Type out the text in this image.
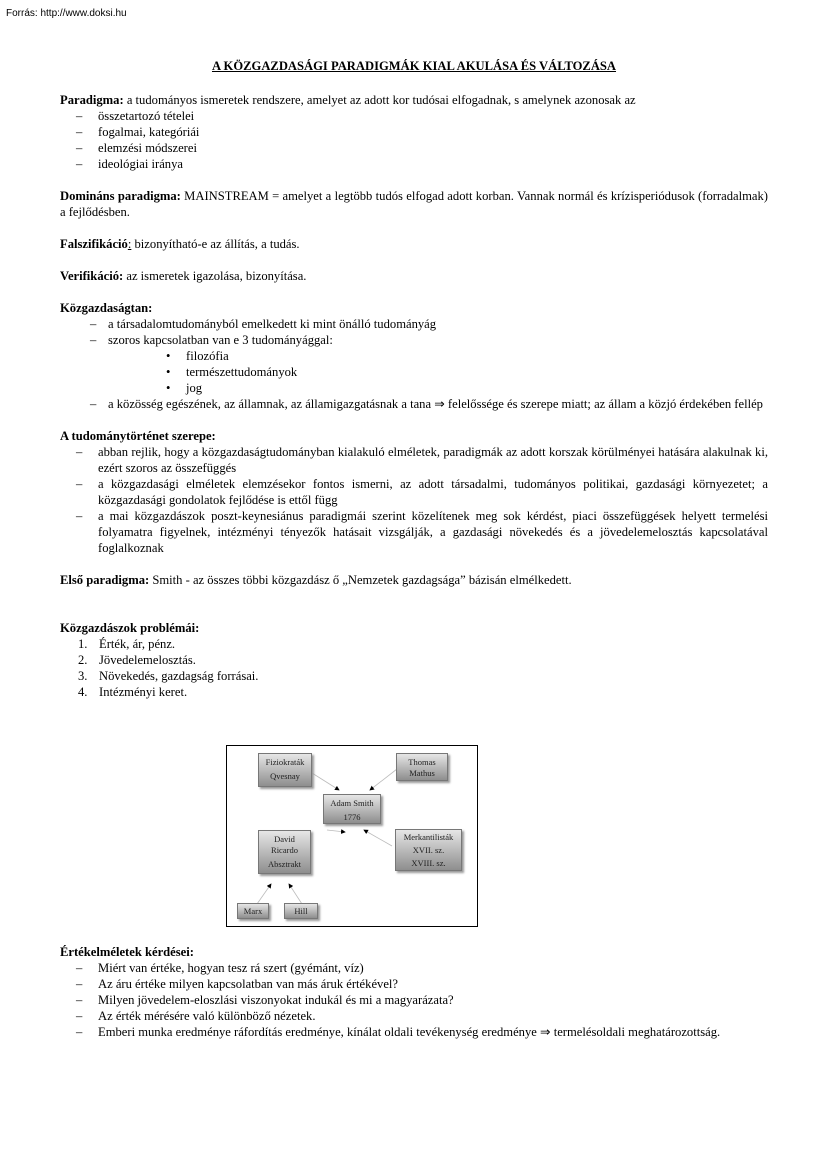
Forrás: http://www.doksi.hu
A KÖZGAZDASÁGI PARADIGMÁK KIAL AKULÁSA ÉS VÁLTOZÁSA

Paradigma: a tudományos ismeretek rendszere, amelyet az adott kor tudósai elfogadnak, s amelynek azonosak az

– összetartozó tételei
– fogalmai, kategóriái
– elemzési módszerei
– ideológiai iránya

Domináns paradigma: MAINSTREAM = amelyet a legtöbb tudós elfogad adott korban. Vannak normál és krízisperiódusok (forradalmak) a fejlődésben.

Falszifikáció: bizonyítható-e az állítás, a tudás.

Verifikáció: az ismeretek igazolása, bizonyítása.

Közgazdaságtan:

– a társadalomtudományból emelkedett ki mint önálló tudományág
– szoros kapcsolatban van e 3 tudományággal:
• filozófia
• természettudományok
• jog
– a közösség egészének, az államnak, az államigazgatásnak a tana ⇒ felelőssége és szerepe miatt; az állam a közjó érdekében fellép

A tudománytörténet szerepe:

– abban rejlik, hogy a közgazdaságtudományban kialakuló elméletek, paradigmák az adott korszak körülményei hatására alakulnak ki, ezért szoros az összefüggés
– a közgazdasági elméletek elemzésekor fontos ismerni, az adott társadalmi, tudományos politikai, gazdasági környezetet; a közgazdasági gondolatok fejlődése is ettől függ
– a mai közgazdászok poszt-keynesiánus paradigmái szerint közelítenek meg sok kérdést, piaci összefüggések helyett termelési folyamatra figyelnek, intézményi tényezők hatásait vizsgálják, a gazdasági növekedés és a jövedelemelosztás kapcsolatával foglalkoznak

Első paradigma: Smith - az összes többi közgazdász ő „Nemzetek gazdagsága” bázisán elmélkedett.

Közgazdászok problémái:

1. Érték, ár, pénz.
2. Jövedelemelosztás.
3. Növekedés, gazdagság forrásai.
4. Intézményi keret.
Fiziokraták
Qvesnay
Thomas
Mathus
Adam Smith
1776
David
Ricardo
Absztrakt
Merkantilisták
XVII. sz.
XVIII. sz.
Marx	Hill

Értékelméletek kérdései:

– Miért van értéke, hogyan tesz rá szert (gyémánt, víz)
– Az áru értéke milyen kapcsolatban van más áruk értékével?
– Milyen jövedelem-eloszlási viszonyokat indukál és mi a magyarázata?
– Az érték mérésére való különböző nézetek.
– Emberi munka eredménye ráfordítás eredménye, kínálat oldali tevékenység eredménye ⇒ termelésoldali meghatározottság.
